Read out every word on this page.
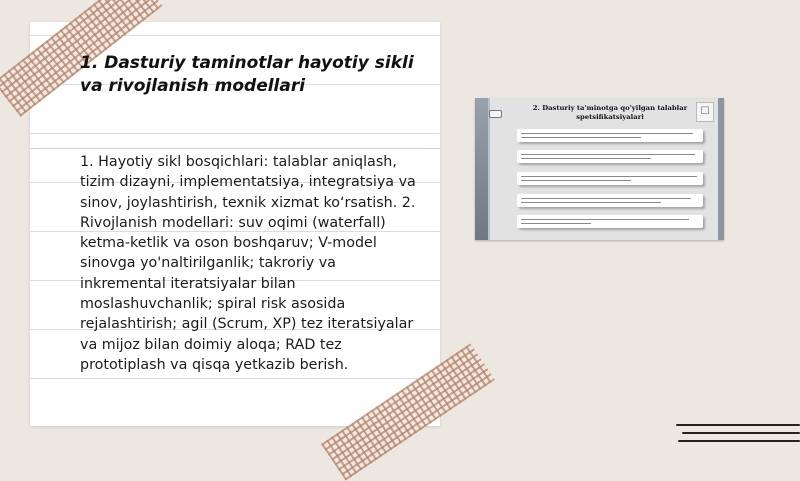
1. Dasturiy taminotlar hayotiy sikli va rivojlanish modellari
1. Hayotiy sikl bosqichlari: talablar aniqlash, tizim dizayni, implementatsiya, integratsiya va sinov, joylashtirish, texnik xizmat koʻrsatish. 2. Rivojlanish modellari: suv oqimi (waterfall) ketma-ketlik va oson boshqaruv; V-model sinovga yo'naltirilganlik; takroriy va inkremental iteratsiyalar bilan moslashuvchanlik; spiral risk asosida rejalashtirish; agil (Scrum, XP) tez iteratsiyalar va mijoz bilan doimiy aloqa; RAD tez prototiplash va qisqa yetkazib berish.
☐
2. Dasturiy ta'minotga qo'yilgan talablar spetsifikatsiyalari
